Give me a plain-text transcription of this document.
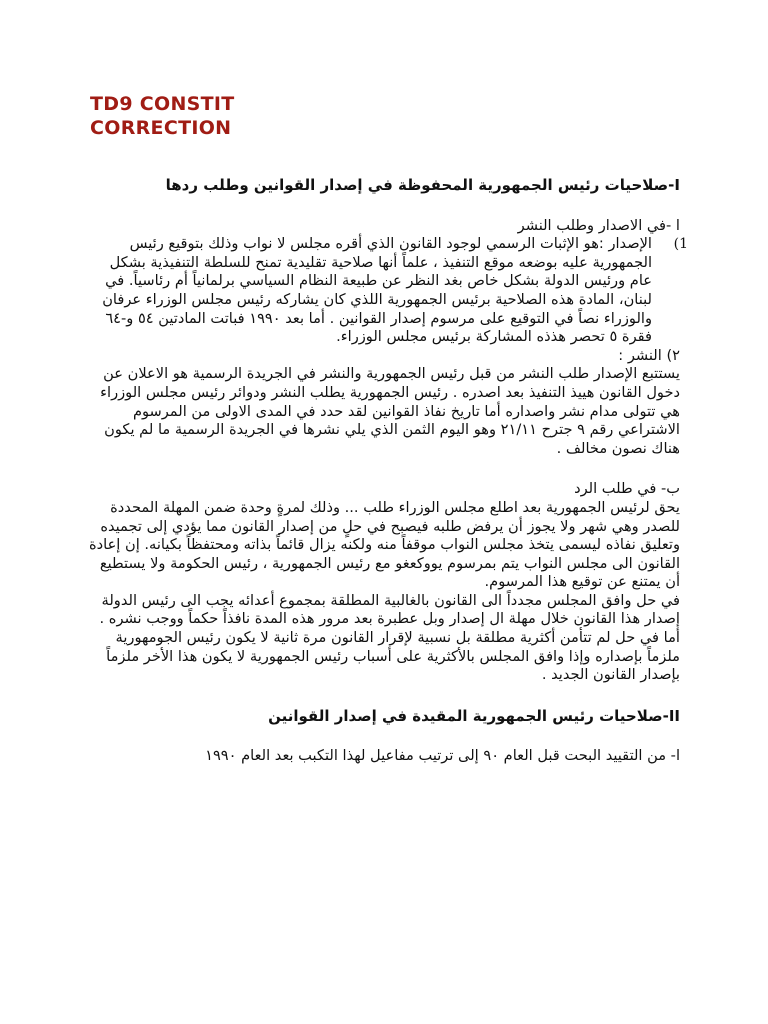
TD9 CONSTIT
CORRECTION

I-صلاحيات رئيس الجمهورية المحفوظة في إصدار القوانين وطلب ردها

ا -في الاصدار وطلب النشر

(1

الإصدار :هو الإثبات الرسمي لوجود القانون الذي أقره مجلس لا نواب وذلك بتوقيع رئيس الجمهورية عليه بوضعه موقع التنفيذ ، علماً أنها صلاحية تقليدية تمنح للسلطة التنفيذية بشكل عام ورئيس الدولة بشكل خاص بغد النظر عن طبيعة النظام السياسي برلمانياً أم رئاسياً. في لبنان، المادة هذه الصلاحية برئيس الجمهورية اللذي كان يشاركه رئيس مجلس الوزراء عرفان والوزراء نصاً في التوقيع على مرسوم إصدار القوانين . أما بعد ١٩٩٠ فباتت المادتين ٥٤ و-٦٤ فقرة ٥ تحصر هذذه المشاركة برئيس مجلس الوزراء.

٢) النشر :

يستتبع الإصدار طلب النشر من قبل رئيس الجمهورية والنشر في الجريدة الرسمية هو الاعلان عن دخول القانون هييذ التنفيذ بعد اصدره . رئيس الجمهورية يطلب النشر ودوائر رئيس مجلس الوزراء هي تتولى مدام نشر واصداره أما تاريخ نفاذ القوانين لقد حدد في المدى الاولى من المرسوم الاشتراعي رقم ٩ جترح ٢١/١١ وهو اليوم الثمن الذي يلي نشرها في الجريدة الرسمية ما لم يكون هناك نصون مخالف .

ب- في طلب الرد

يحق لرئيس الجمهورية بعد اطلع مجلس الوزراء طلب ... وذلك لمرةٍ وحدة ضمن المهلة المحددة للصدر وهي شهر ولا يجوز أن يرفض طلبه فيصبح في حلٍ من إصدار القانون مما يؤدي إلى تجميده وتعليق نفاذه ليسمى يتخذ مجلس النواب موقفاً منه ولكنه يزال قائماً بذاته ومحتفظاً بكيانه. إن إعادة القانون الى مجلس النواب يتم بمرسوم يووكعغو مع رئيس الجمهورية ، رئيس الحكومة ولا يستطيع أن يمتنع عن توقيع هذا المرسوم.

في حل وافق المجلس مجدداً الى القانون بالغالبية المطلقة بمجموع أعدائه يجب الى رئيس الدولة إصدار هذا القانون خلال مهلة ال إصدار وبل عطبرة بعد مرور هذه المدة نافذاً حكماً ووجب نشره . أما في حل لم تتأمن أكثرية مطلقة بل نسبية لإقرار القانون مرة ثانية لا يكون رئيس الجومهورية ملزماً بإصداره وإذا وافق المجلس بالأكثرية على أسباب رئيس الجمهورية لا يكون هذا الأخر ملزماً بإصدار القانون الجديد .

II-صلاحيات رئيس الجمهورية المقيدة في إصدار القوانين

ا- من التقييد البحت قبل العام ٩٠ إلى ترتيب مفاعيل لهذا التكبب بعد العام ١٩٩٠
